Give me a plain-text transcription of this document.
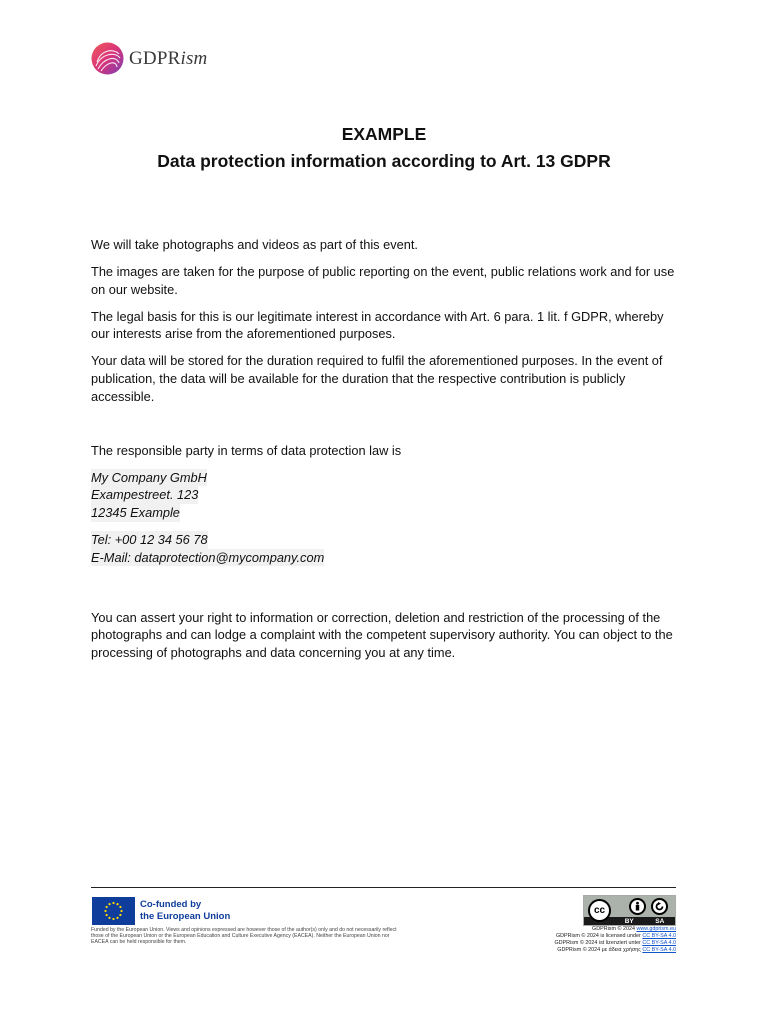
GDPRism
EXAMPLE
Data protection information according to Art. 13 GDPR

We will take photographs and videos as part of this event.

The images are taken for the purpose of public reporting on the event, public relations work and for use on our website.

The legal basis for this is our legitimate interest in accordance with Art. 6 para. 1 lit. f GDPR, whereby our interests arise from the aforementioned purposes.

Your data will be stored for the duration required to fulfil the aforementioned purposes. In the event of publication, the data will be available for the duration that the respective contribution is publicly accessible.

The responsible party in terms of data protection law is

My Company GmbH
Exampestreet. 123
12345 Example
Tel: +00 12 34 56 78
E-Mail: dataprotection@mycompany.com

You can assert your right to information or correction, deletion and restriction of the processing of the photographs and can lodge a complaint with the competent supervisory authority. You can object to the processing of photographs and data concerning you at any time.

Co-funded by
the European Union
Funded by the European Union. Views and opinions expressed are however those of the author(s) only and do not necessarily reflect those of the European Union or the European Education and Culture Executive Agency (EACEA). Neither the European Union nor EACEA can be held responsible for them.
cc
BY	SA
GDPRism © 2024 www.gdprism.eu
GDPRism © 2024 is licensed under CC BY-SA 4.0
GDPRism © 2024 ist lizenziert unter CC BY-SA 4.0
GDPRism © 2024 με άδεια χρήσης CC BY-SA 4.0
